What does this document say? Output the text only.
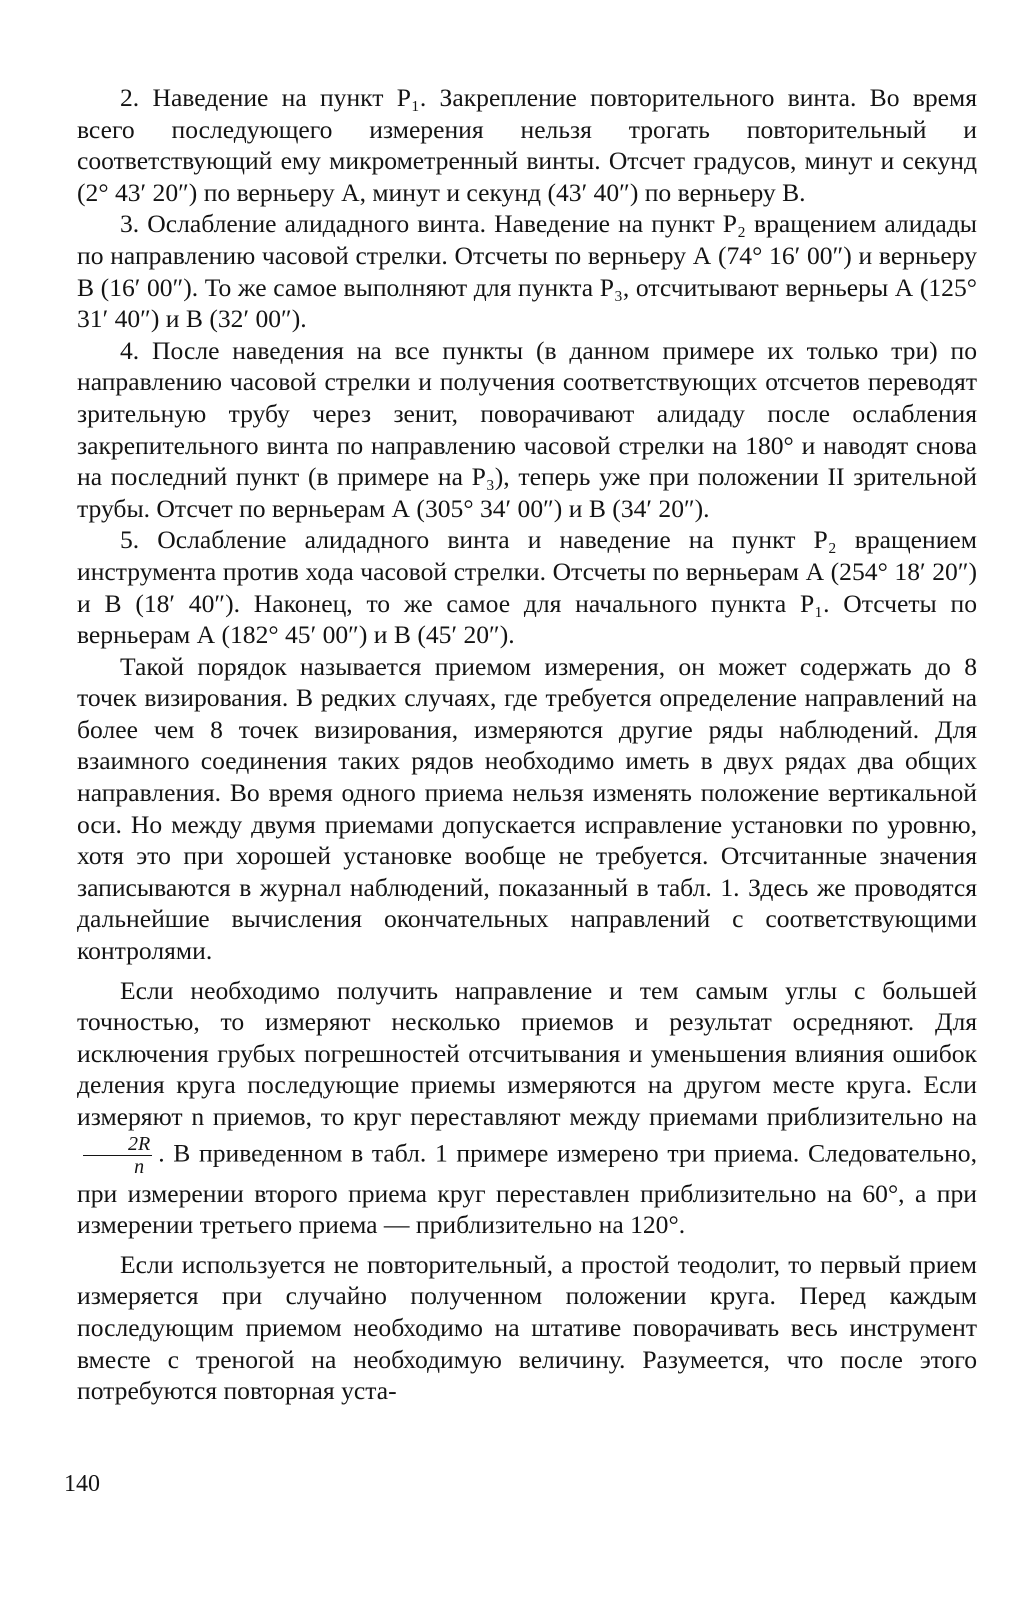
2. Наведение на пункт P₁. Закрепление повторительного винта. Во время всего последующего измерения нельзя трогать повторительный и соответствующий ему микрометренный винты. Отсчет градусов, минут и секунд (2° 43′ 20″) по верньеру А, минут и секунд (43′ 40″) по верньеру В.

3. Ослабление алидадного винта. Наведение на пункт P₂ вращением алидады по направлению часовой стрелки. Отсчеты по верньеру А (74° 16′ 00″) и верньеру В (16′ 00″). То же самое выполняют для пункта P₃, отсчитывают верньеры А (125° 31′ 40″) и В (32′ 00″).

4. После наведения на все пункты (в данном примере их только три) по направлению часовой стрелки и получения соответствующих отсчетов переводят зрительную трубу через зенит, поворачивают алидаду после ослабления закрепительного винта по направлению часовой стрелки на 180° и наводят снова на последний пункт (в примере на P₃), теперь уже при положении II зрительной трубы. Отсчет по верньерам А (305° 34′ 00″) и В (34′ 20″).

5. Ослабление алидадного винта и наведение на пункт P₂ вращением инструмента против хода часовой стрелки. Отсчеты по верньерам А (254° 18′ 20″) и В (18′ 40″). Наконец, то же самое для начального пункта P₁. Отсчеты по верньерам А (182° 45′ 00″) и В (45′ 20″).

Такой порядок называется приемом измерения, он может содержать до 8 точек визирования. В редких случаях, где требуется определение направлений на более чем 8 точек визирования, измеряются другие ряды наблюдений. Для взаимного соединения таких рядов необходимо иметь в двух рядах два общих направления. Во время одного приема нельзя изменять положение вертикальной оси. Но между двумя приемами допускается исправление установки по уровню, хотя это при хорошей установке вообще не требуется. Отсчитанные значения записываются в журнал наблюдений, показанный в табл. 1. Здесь же проводятся дальнейшие вычисления окончательных направлений с соответствующими контролями.

Если необходимо получить направление и тем самым углы с большей точностью, то измеряют несколько приемов и результат осредняют. Для исключения грубых погрешностей отсчитывания и уменьшения влияния ошибок деления круга последующие приемы измеряются на другом месте круга. Если измеряют n приемов, то круг переставляют между приемами приблизительно на
$\frac{2R}{n}$ . В приведенном в табл. 1 примере измерено три приема. Следовательно, при измерении второго приема круг переставлен приблизительно на 60°, а при измерении третьего приема — приблизительно на 120°.

Если используется не повторительный, а простой теодолит, то первый прием измеряется при случайно полученном положении круга. Перед каждым последующим приемом необходимо на штативе поворачивать весь инструмент вместе с треногой на необходимую величину. Разумеется, что после этого потребуются повторная уста-

140
